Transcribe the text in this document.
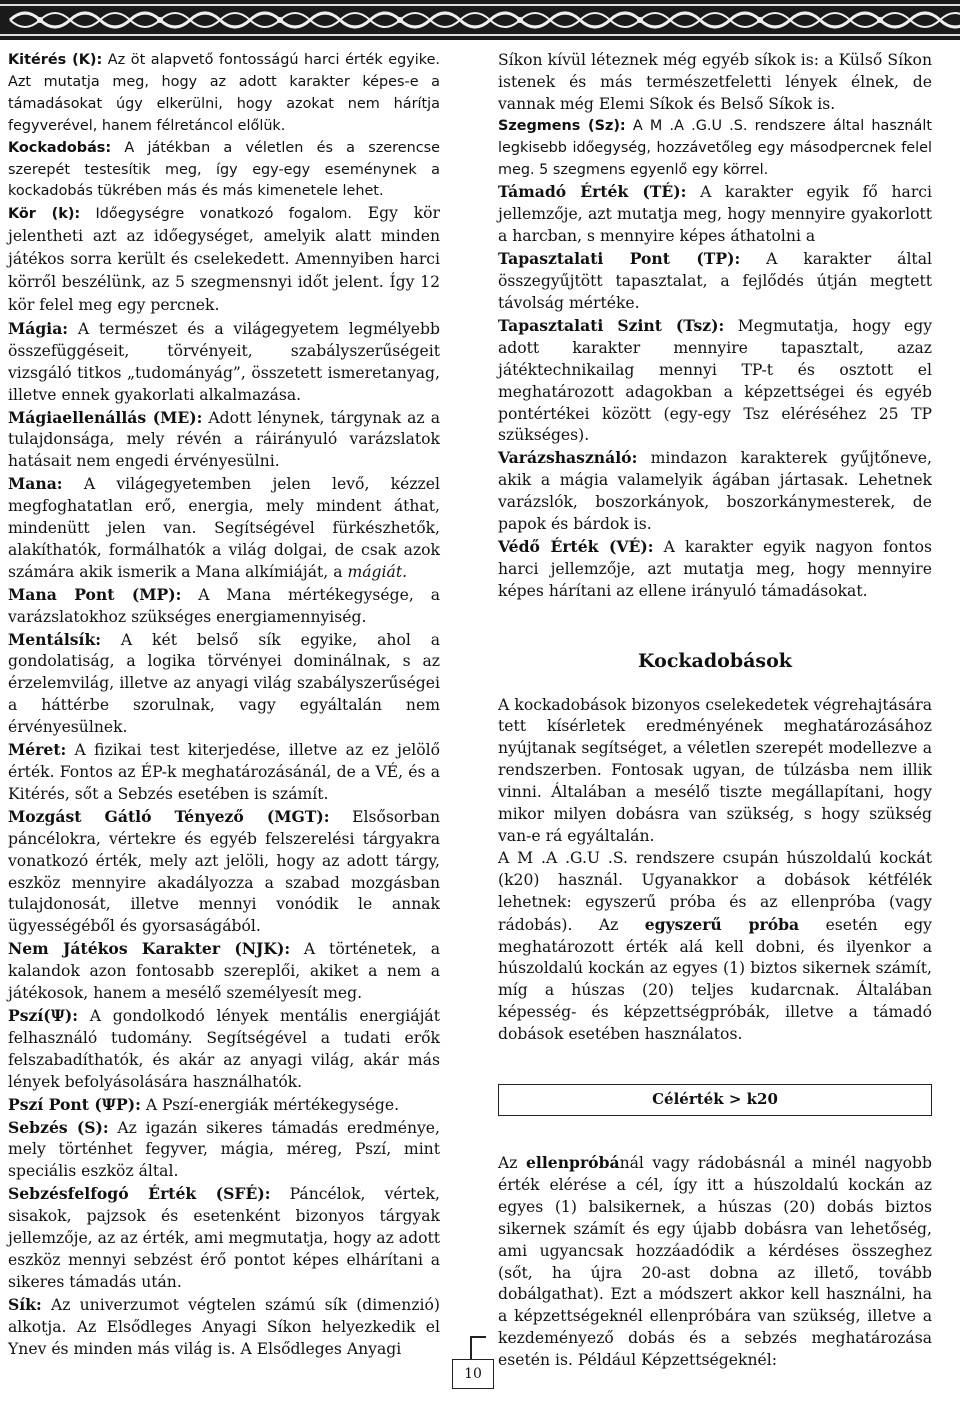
Kitérés (K): Az öt alapvető fontosságú harci érték egyike. Azt mutatja meg, hogy az adott karakter képes-e a támadásokat úgy elkerülni, hogy azokat nem hárítja fegyverével, hanem félretáncol előlük.

Kockadobás: A játékban a véletlen és a szerencse szerepét testesítik meg, így egy-egy eseménynek a kockadobás tükrében más és más kimenetele lehet.

Kör (k): Időegységre vonatkozó fogalom. Egy kör jelentheti azt az időegységet, amelyik alatt minden játékos sorra került és cselekedett. Amennyiben harci körről beszélünk, az 5 szegmensnyi időt jelent. Így 12 kör felel meg egy percnek.

Mágia: A természet és a világegyetem legmélyebb összefüggéseit, törvényeit, szabályszerűségeit vizsgáló titkos „tudományág”, összetett ismeretanyag, illetve ennek gyakorlati alkalmazása.

Mágiaellenállás (ME): Adott lénynek, tárgynak az a tulajdonsága, mely révén a ráirányuló varázslatok hatásait nem engedi érvényesülni.

Mana: A világegyetemben jelen levő, kézzel megfoghatatlan erő, energia, mely mindent áthat, mindenütt jelen van. Segítségével fürkészhetők, alakíthatók, formálhatók a világ dolgai, de csak azok számára akik ismerik a Mana alkímiáját, a mágiát.

Mana Pont (MP): A Mana mértékegysége, a varázslatokhoz szükséges energiamennyiség.

Mentálsík: A két belső sík egyike, ahol a gondolatiság, a logika törvényei dominálnak, s az érzelemvilág, illetve az anyagi világ szabályszerűségei a háttérbe szorulnak, vagy egyáltalán nem érvényesülnek.

Méret: A fizikai test kiterjedése, illetve az ez jelölő érték. Fontos az ÉP-k meghatározásánál, de a VÉ, és a Kitérés, sőt a Sebzés esetében is számít.

Mozgást Gátló Tényező (MGT): Elsősorban páncélokra, vértekre és egyéb felszerelési tárgyakra vonatkozó érték, mely azt jelöli, hogy az adott tárgy, eszköz mennyire akadályozza a szabad mozgásban tulajdonosát, illetve mennyi vonódik le annak ügyességéből és gyorsaságából.

Nem Játékos Karakter (NJK): A történetek, a kalandok azon fontosabb szereplői, akiket a nem a játékosok, hanem a mesélő személyesít meg.

Pszí(Ψ): A gondolkodó lények mentális energiáját felhasználó tudomány. Segítségével a tudati erők felszabadíthatók, és akár az anyagi világ, akár más lények befolyásolására használhatók.

Pszí Pont (ΨP): A Pszí-energiák mértékegysége.

Sebzés (S): Az igazán sikeres támadás eredménye, mely történhet fegyver, mágia, méreg, Pszí, mint speciális eszköz által.

Sebzésfelfogó Érték (SFÉ): Páncélok, vértek, sisakok, pajzsok és esetenként bizonyos tárgyak jellemzője, az az érték, ami megmutatja, hogy az adott eszköz mennyi sebzést érő pontot képes elhárítani a sikeres támadás után.

Sík: Az univerzumot végtelen számú sík (dimenzió) alkotja. Az Elsődleges Anyagi Síkon helyezkedik el Ynev és minden más világ is. A Elsődleges Anyagi

Síkon kívül léteznek még egyéb síkok is: a Külső Síkon istenek és más természetfeletti lények élnek, de vannak még Elemi Síkok és Belső Síkok is.

Szegmens (Sz): A M .A .G.U .S. rendszere által használt legkisebb időegység, hozzávetőleg egy másodpercnek felel meg. 5 szegmens egyenlő egy körrel.

Támadó Érték (TÉ): A karakter egyik fő harci jellemzője, azt mutatja meg, hogy mennyire gyakorlott a harcban, s mennyire képes áthatolni a

Tapasztalati Pont (TP): A karakter által összegyűjtött tapasztalat, a fejlődés útján megtett távolság mértéke.

Tapasztalati Szint (Tsz): Megmutatja, hogy egy adott karakter mennyire tapasztalt, azaz játéktechnikailag mennyi TP-t és osztott el meghatározott adagokban a képzettségei és egyéb pontértékei között (egy-egy Tsz eléréséhez 25 TP szükséges).

Varázshasználó: mindazon karakterek gyűjtőneve, akik a mágia valamelyik ágában jártasak. Lehetnek varázslók, boszorkányok, boszorkánymesterek, de papok és bárdok is.

Védő Érték (VÉ): A karakter egyik nagyon fontos harci jellemzője, azt mutatja meg, hogy mennyire képes hárítani az ellene irányuló támadásokat.

Kockadobások

A kockadobások bizonyos cselekedetek végrehajtására tett kísérletek eredményének meghatározásához nyújtanak segítséget, a véletlen szerepét modellezve a rendszerben. Fontosak ugyan, de túlzásba nem illik vinni. Általában a mesélő tiszte megállapítani, hogy mikor milyen dobásra van szükség, s hogy szükség van-e rá egyáltalán.

A M .A .G.U .S. rendszere csupán húszoldalú kockát (k20) használ. Ugyanakkor a dobások kétfélék lehetnek: egyszerű próba és az ellenpróba (vagy rádobás). Az egyszerű próba esetén egy meghatározott érték alá kell dobni, és ilyenkor a húszoldalú kockán az egyes (1) biztos sikernek számít, míg a húszas (20) teljes kudarcnak. Általában képesség- és képzettségpróbák, illetve a támadó dobások esetében használatos.

Célérték > k20

Az ellenpróbánál vagy rádobásnál a minél nagyobb érték elérése a cél, így itt a húszoldalú kockán az egyes (1) balsikernek, a húszas (20) dobás biztos sikernek számít és egy újabb dobásra van lehetőség, ami ugyancsak hozzáadódik a kérdéses összeghez (sőt, ha újra 20-ast dobna az illető, tovább dobálgathat). Ezt a módszert akkor kell használni, ha a képzettségeknél ellenpróbára van szükség, illetve a kezdeményező dobás és a sebzés meghatározása esetén is. Például Képzettségeknél:

10
